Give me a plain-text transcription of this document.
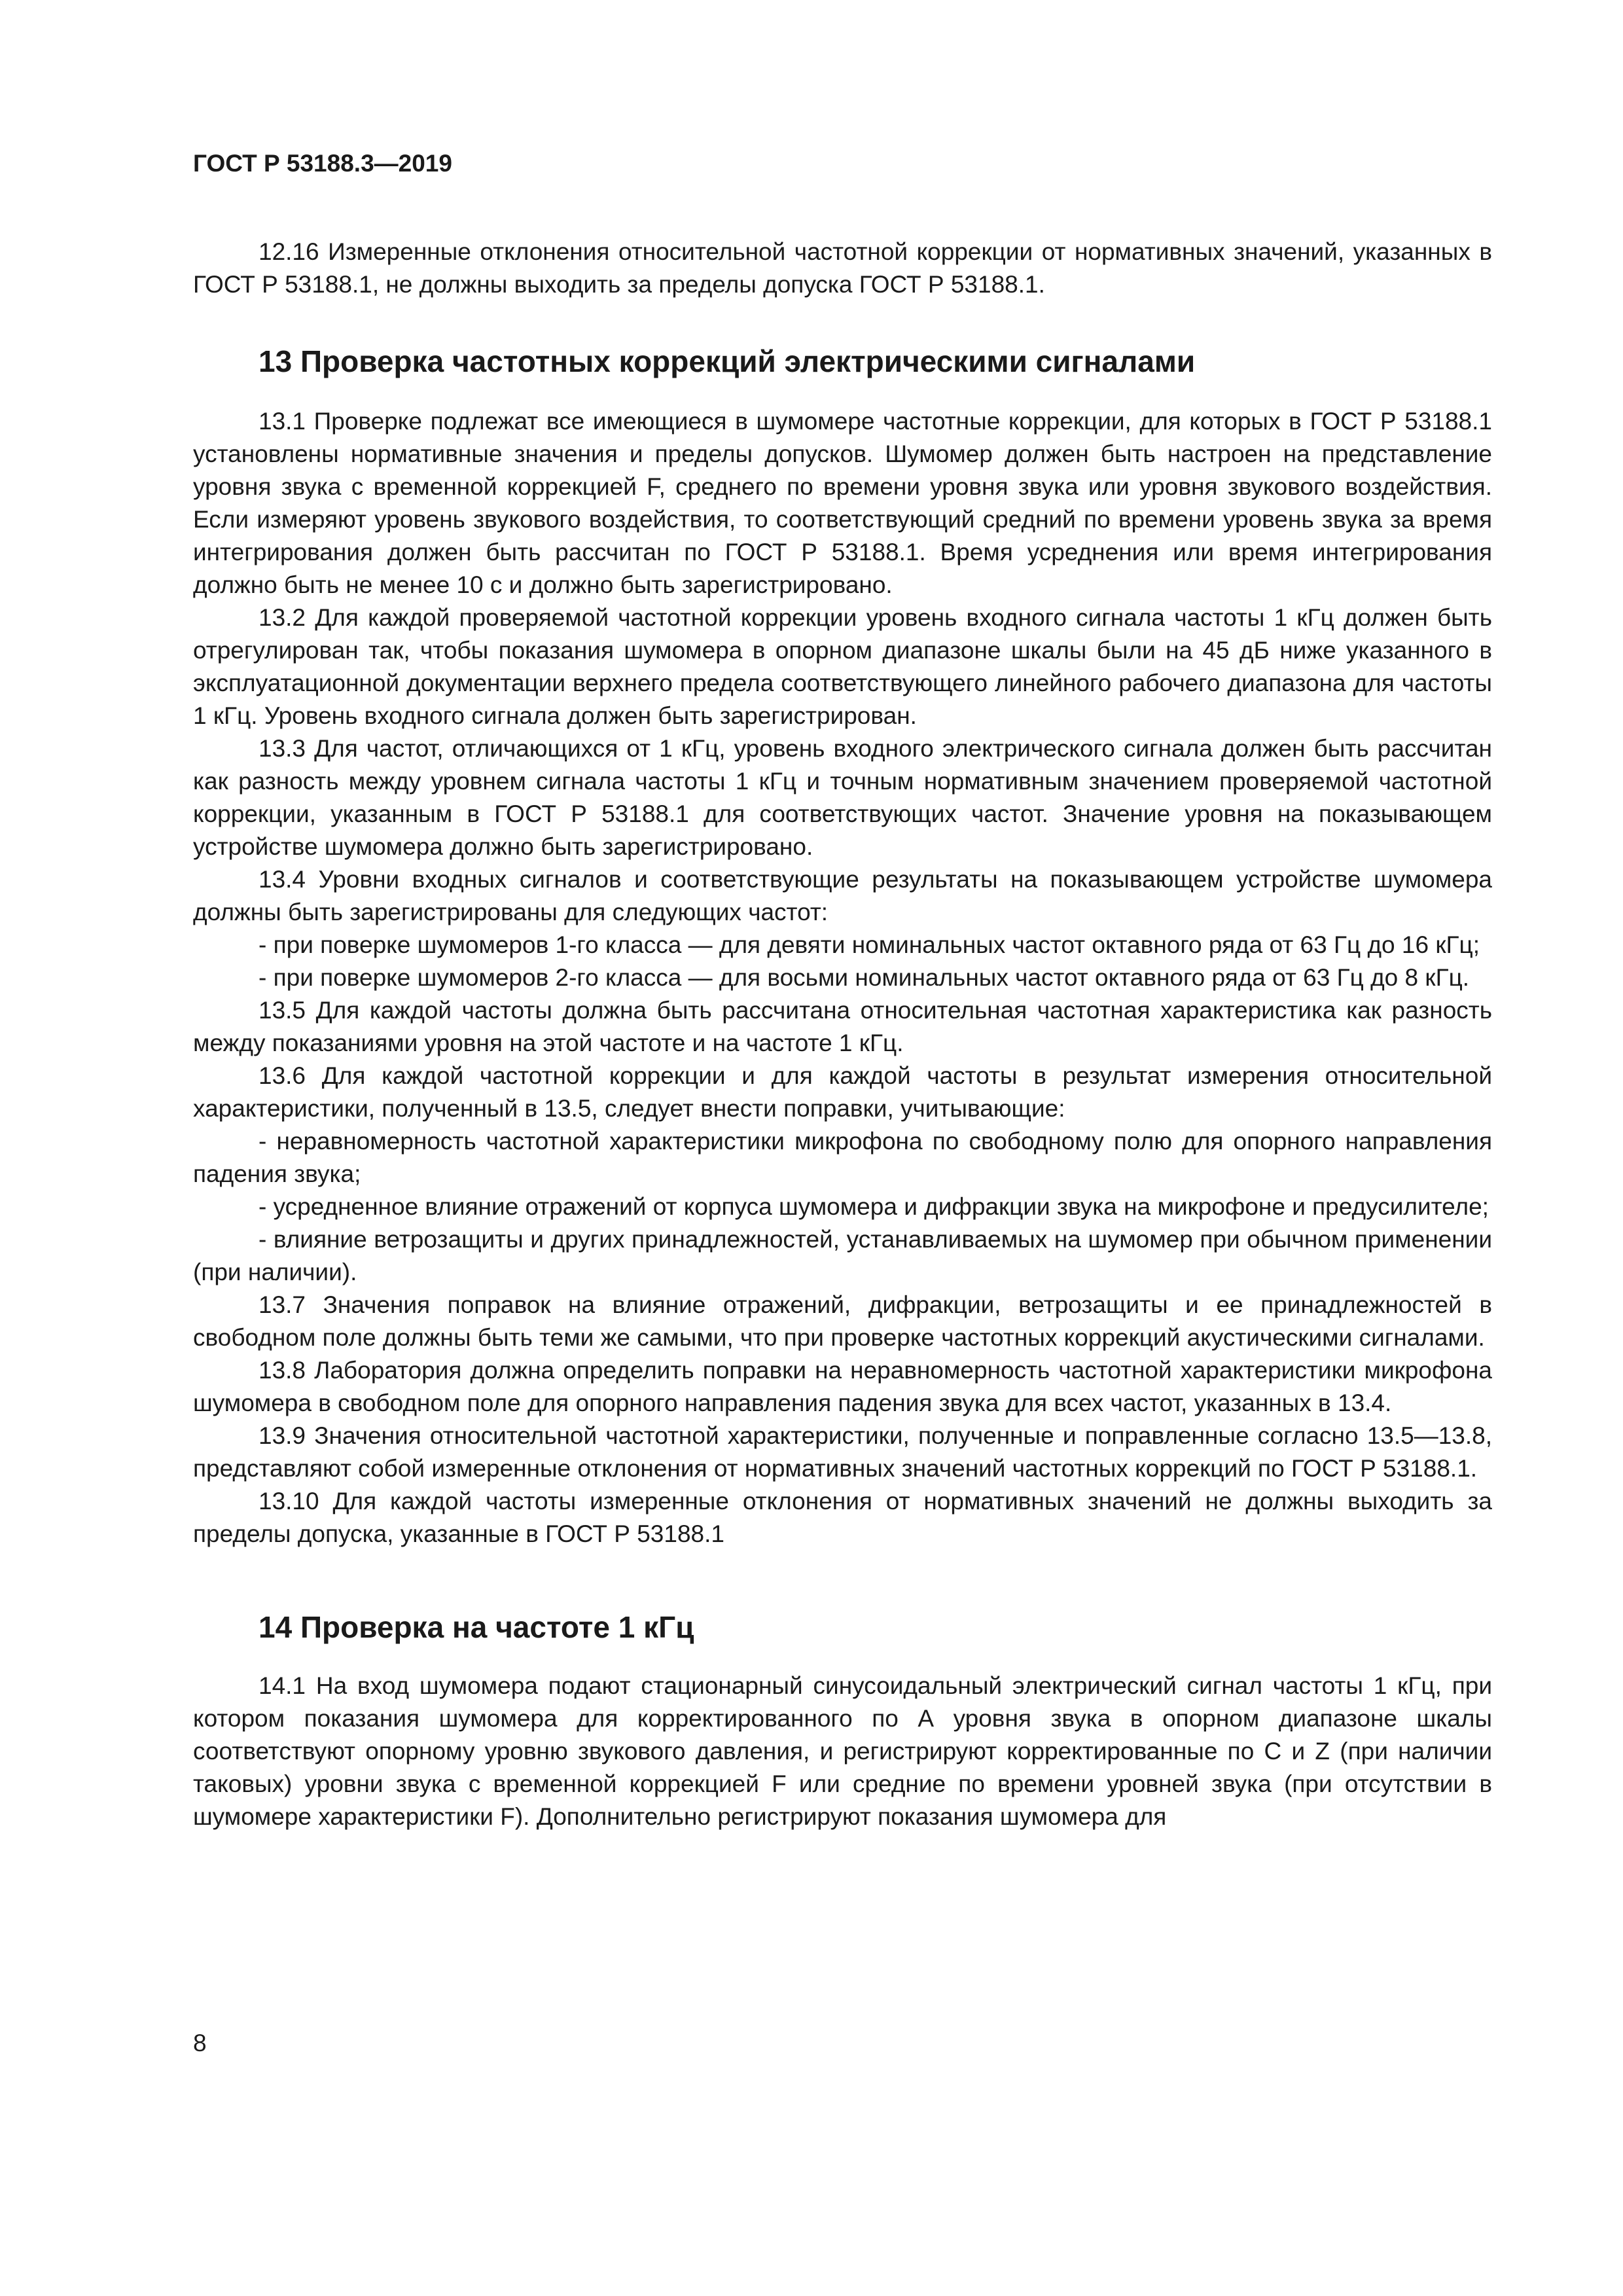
ГОСТ Р 53188.3—2019

12.16 Измеренные отклонения относительной частотной коррекции от нормативных значений, указанных в ГОСТ Р 53188.1, не должны выходить за пределы допуска ГОСТ Р 53188.1.

13 Проверка частотных коррекций электрическими сигналами

13.1 Проверке подлежат все имеющиеся в шумомере частотные коррекции, для которых в ГОСТ Р 53188.1 установлены нормативные значения и пределы допусков. Шумомер должен быть настроен на представление уровня звука с временной коррекцией F, среднего по времени уровня звука или уровня звукового воздействия. Если измеряют уровень звукового воздействия, то соответствующий средний по времени уровень звука за время интегрирования должен быть рассчитан по ГОСТ Р 53188.1. Время усреднения или время интегрирования должно быть не менее 10 с и должно быть зарегистрировано.

13.2 Для каждой проверяемой частотной коррекции уровень входного сигнала частоты 1 кГц должен быть отрегулирован так, чтобы показания шумомера в опорном диапазоне шкалы были на 45 дБ ниже указанного в эксплуатационной документации верхнего предела соответствующего линейного рабочего диапазона для частоты 1 кГц. Уровень входного сигнала должен быть зарегистрирован.

13.3 Для частот, отличающихся от 1 кГц, уровень входного электрического сигнала должен быть рассчитан как разность между уровнем сигнала частоты 1 кГц и точным нормативным значением проверяемой частотной коррекции, указанным в ГОСТ Р 53188.1 для соответствующих частот. Значение уровня на показывающем устройстве шумомера должно быть зарегистрировано.

13.4 Уровни входных сигналов и соответствующие результаты на показывающем устройстве шумомера должны быть зарегистрированы для следующих частот:

- при поверке шумомеров 1-го класса — для девяти номинальных частот октавного ряда от 63 Гц до 16 кГц;

- при поверке шумомеров 2-го класса — для восьми номинальных частот октавного ряда от 63 Гц до 8 кГц.

13.5 Для каждой частоты должна быть рассчитана относительная частотная характеристика как разность между показаниями уровня на этой частоте и на частоте 1 кГц.

13.6 Для каждой частотной коррекции и для каждой частоты в результат измерения относительной характеристики, полученный в 13.5, следует внести поправки, учитывающие:

- неравномерность частотной характеристики микрофона по свободному полю для опорного направления падения звука;

- усредненное влияние отражений от корпуса шумомера и дифракции звука на микрофоне и предусилителе;

- влияние ветрозащиты и других принадлежностей, устанавливаемых на шумомер при обычном применении (при наличии).

13.7 Значения поправок на влияние отражений, дифракции, ветрозащиты и ее принадлежностей в свободном поле должны быть теми же самыми, что при проверке частотных коррекций акустическими сигналами.

13.8 Лаборатория должна определить поправки на неравномерность частотной характеристики микрофона шумомера в свободном поле для опорного направления падения звука для всех частот, указанных в 13.4.

13.9 Значения относительной частотной характеристики, полученные и поправленные согласно 13.5—13.8, представляют собой измеренные отклонения от нормативных значений частотных коррекций по ГОСТ Р 53188.1.

13.10 Для каждой частоты измеренные отклонения от нормативных значений не должны выходить за пределы допуска, указанные в ГОСТ Р 53188.1

14 Проверка на частоте 1 кГц

14.1 На вход шумомера подают стационарный синусоидальный электрический сигнал частоты 1 кГц, при котором показания шумомера для корректированного по А уровня звука в опорном диапазоне шкалы соответствуют опорному уровню звукового давления, и регистрируют корректированные по С и Z (при наличии таковых) уровни звука с временной коррекцией F или средние по времени уровней звука (при отсутствии в шумомере характеристики F). Дополнительно регистрируют показания шумомера для

8
